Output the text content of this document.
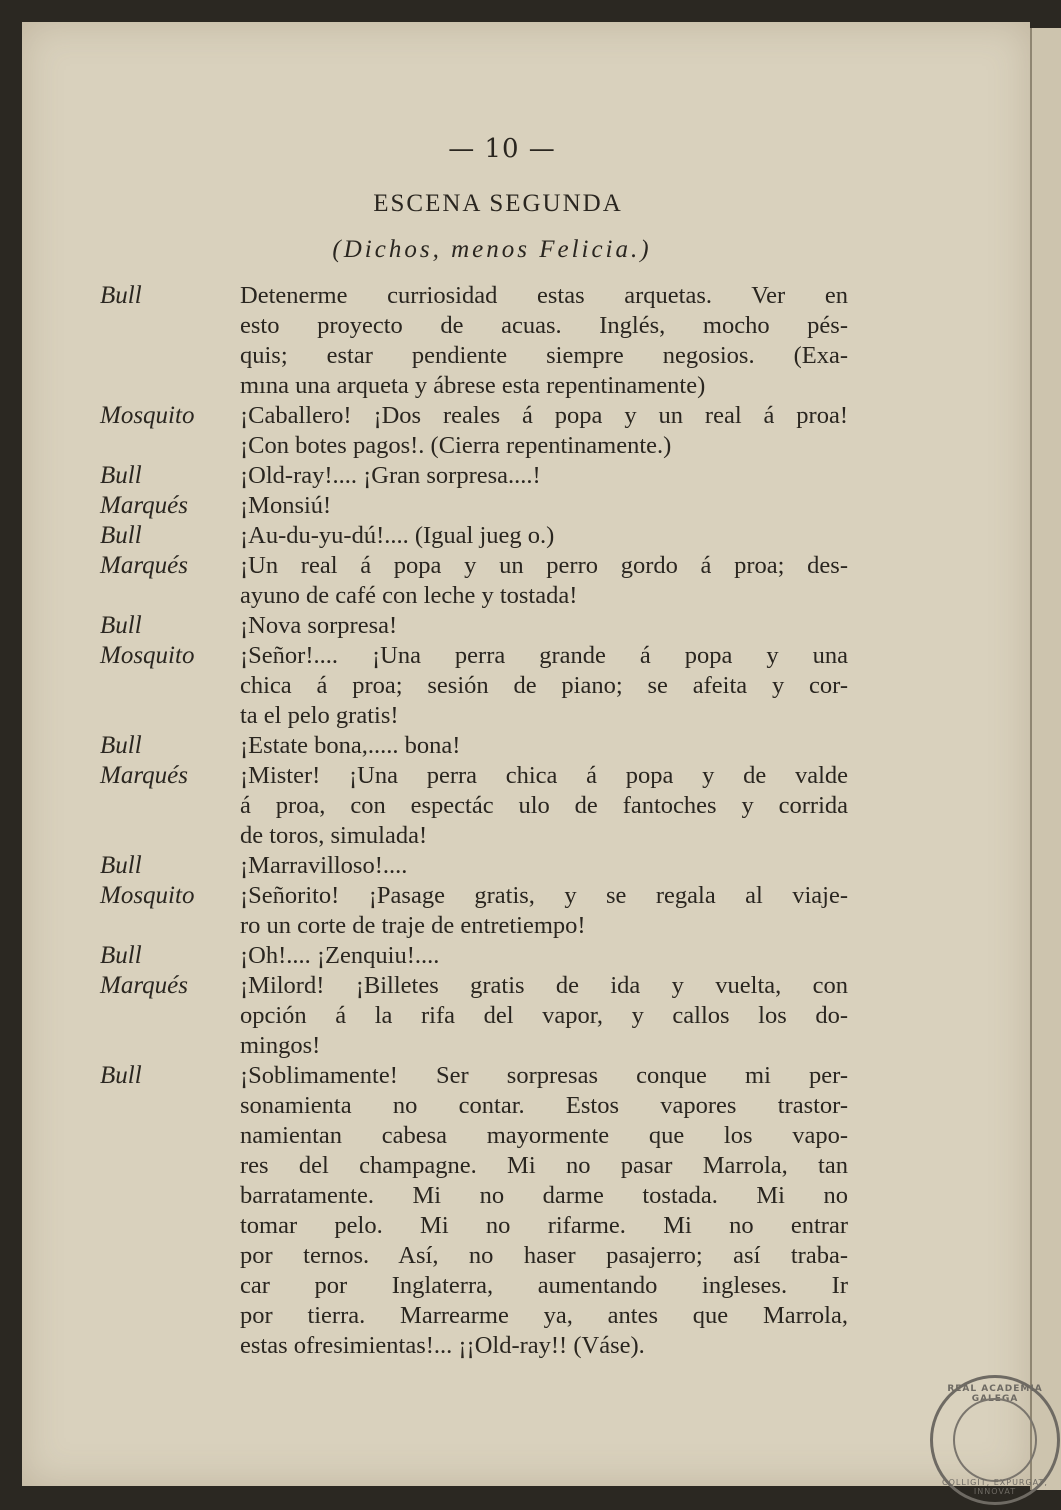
— 10 —
ESCENA SEGUNDA
(Dichos, menos Felicia.)
Bull	Detenerme curriosidad estas arquetas. Ver en
esto proyecto de acuas. Inglés, mocho pés-
quis; estar pendiente siempre negosios. (Exa-
mına una arqueta y ábrese esta repentinamente)
Mosquito	¡Caballero! ¡Dos reales á popa y un real á proa!
¡Con botes pagos!. (Cierra repentinamente.)
Bull	¡Old-ray!.... ¡Gran sorpresa....!
Marqués	¡Monsiú!
Bull	¡Au-du-yu-dú!.... (Igual jueg o.)
Marqués	¡Un real á popa y un perro gordo á proa; des-
ayuno de café con leche y tostada!
Bull	¡Nova sorpresa!
Mosquito	¡Señor!.... ¡Una perra grande á popa y una
chica á proa; sesión de piano; se afeita y cor-
ta el pelo gratis!
Bull	¡Estate bona,..... bona!
Marqués	¡Mister! ¡Una perra chica á popa y de valde
á proa, con espectác ulo de fantoches y corrida
de toros, simulada!
Bull	¡Marravilloso!....
Mosquito	¡Señorito! ¡Pasage gratis, y se regala al viaje-
ro un corte de traje de entretiempo!
Bull	¡Oh!.... ¡Zenquiu!....
Marqués	¡Milord! ¡Billetes gratis de ida y vuelta, con
opción á la rifa del vapor, y callos los do-
mingos!
Bull	¡Soblimamente! Ser sorpresas conque mi per-
sonamienta no contar. Estos vapores trastor-
namientan cabesa mayormente que los vapo-
res del champagne. Mi no pasar Marrola, tan
barratamente. Mi no darme tostada. Mi no
tomar pelo. Mi no rifarme. Mi no entrar
por ternos. Así, no haser pasajerro; así traba-
car por Inglaterra, aumentando ingleses. Ir
por tierra. Marrearme ya, antes que Marrola,
estas ofresimientas!... ¡¡Old-ray!! (Váse).
REAL ACADEMIA GALEGA
COLLIGIT, EXPURGAT, INNOVAT
